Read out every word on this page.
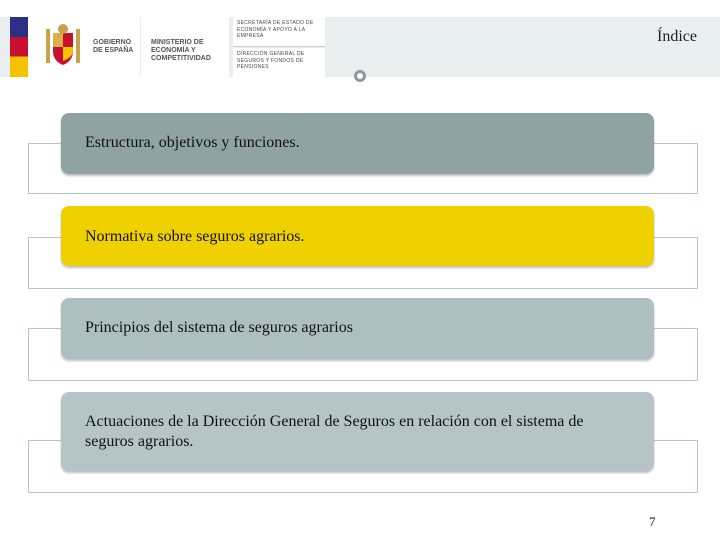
GOBIERNO DE ESPAÑA
MINISTERIO DE ECONOMÍA Y COMPETITIVIDAD
SECRETARÍA DE ESTADO DE ECONOMÍA Y APOYO A LA EMPRESA
DIRECCIÓN GENERAL DE SEGUROS Y FONDOS DE PENSIONES
Índice
Estructura, objetivos y funciones.
Normativa sobre seguros agrarios.
Principios del sistema de seguros agrarios
Actuaciones de la Dirección General de Seguros en relación con el sistema de seguros agrarios.
7
